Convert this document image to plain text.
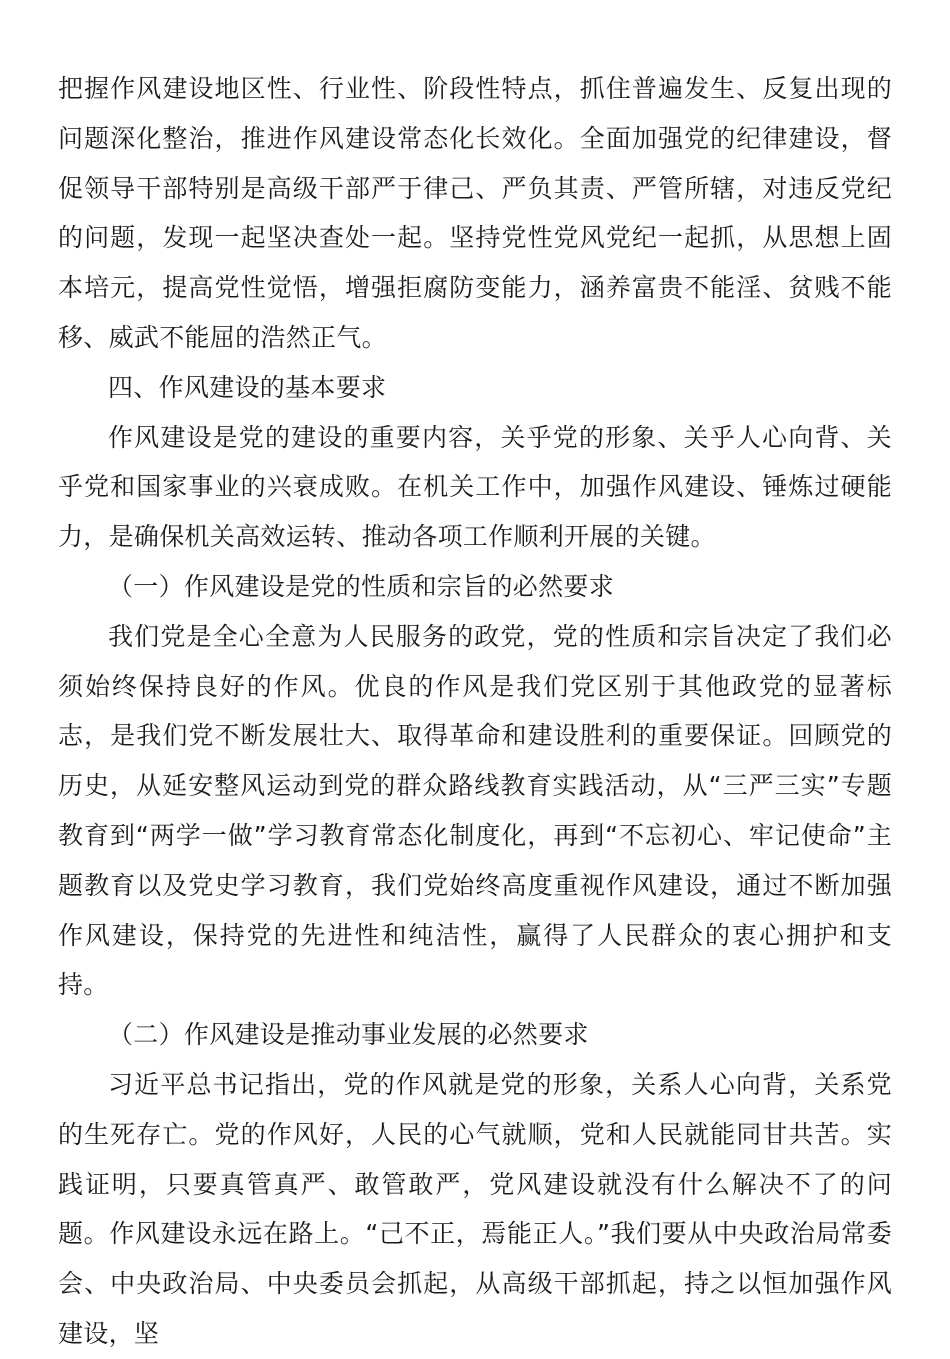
把握作风建设地区性、行业性、阶段性特点，抓住普遍发生、反复出现的问题深化整治，推进作风建设常态化长效化。全面加强党的纪律建设，督促领导干部特别是高级干部严于律己、严负其责、严管所辖，对违反党纪的问题，发现一起坚决查处一起。坚持党性党风党纪一起抓，从思想上固本培元，提高党性觉悟，增强拒腐防变能力，涵养富贵不能淫、贫贱不能移、威武不能屈的浩然正气。

四、作风建设的基本要求

作风建设是党的建设的重要内容，关乎党的形象、关乎人心向背、关乎党和国家事业的兴衰成败。在机关工作中，加强作风建设、锤炼过硬能力，是确保机关高效运转、推动各项工作顺利开展的关键。

（一）作风建设是党的性质和宗旨的必然要求

我们党是全心全意为人民服务的政党，党的性质和宗旨决定了我们必须始终保持良好的作风。优良的作风是我们党区别于其他政党的显著标志，是我们党不断发展壮大、取得革命和建设胜利的重要保证。回顾党的历史，从延安整风运动到党的群众路线教育实践活动，从“三严三实”专题教育到“两学一做”学习教育常态化制度化，再到“不忘初心、牢记使命”主题教育以及党史学习教育，我们党始终高度重视作风建设，通过不断加强作风建设，保持党的先进性和纯洁性，赢得了人民群众的衷心拥护和支持。

（二）作风建设是推动事业发展的必然要求

习近平总书记指出，党的作风就是党的形象，关系人心向背，关系党的生死存亡。党的作风好，人民的心气就顺，党和人民就能同甘共苦。实践证明，只要真管真严、敢管敢严，党风建设就没有什么解决不了的问题。作风建设永远在路上。“己不正，焉能正人。”我们要从中央政治局常委会、中央政治局、中央委员会抓起，从高级干部抓起，持之以恒加强作风建设，坚
